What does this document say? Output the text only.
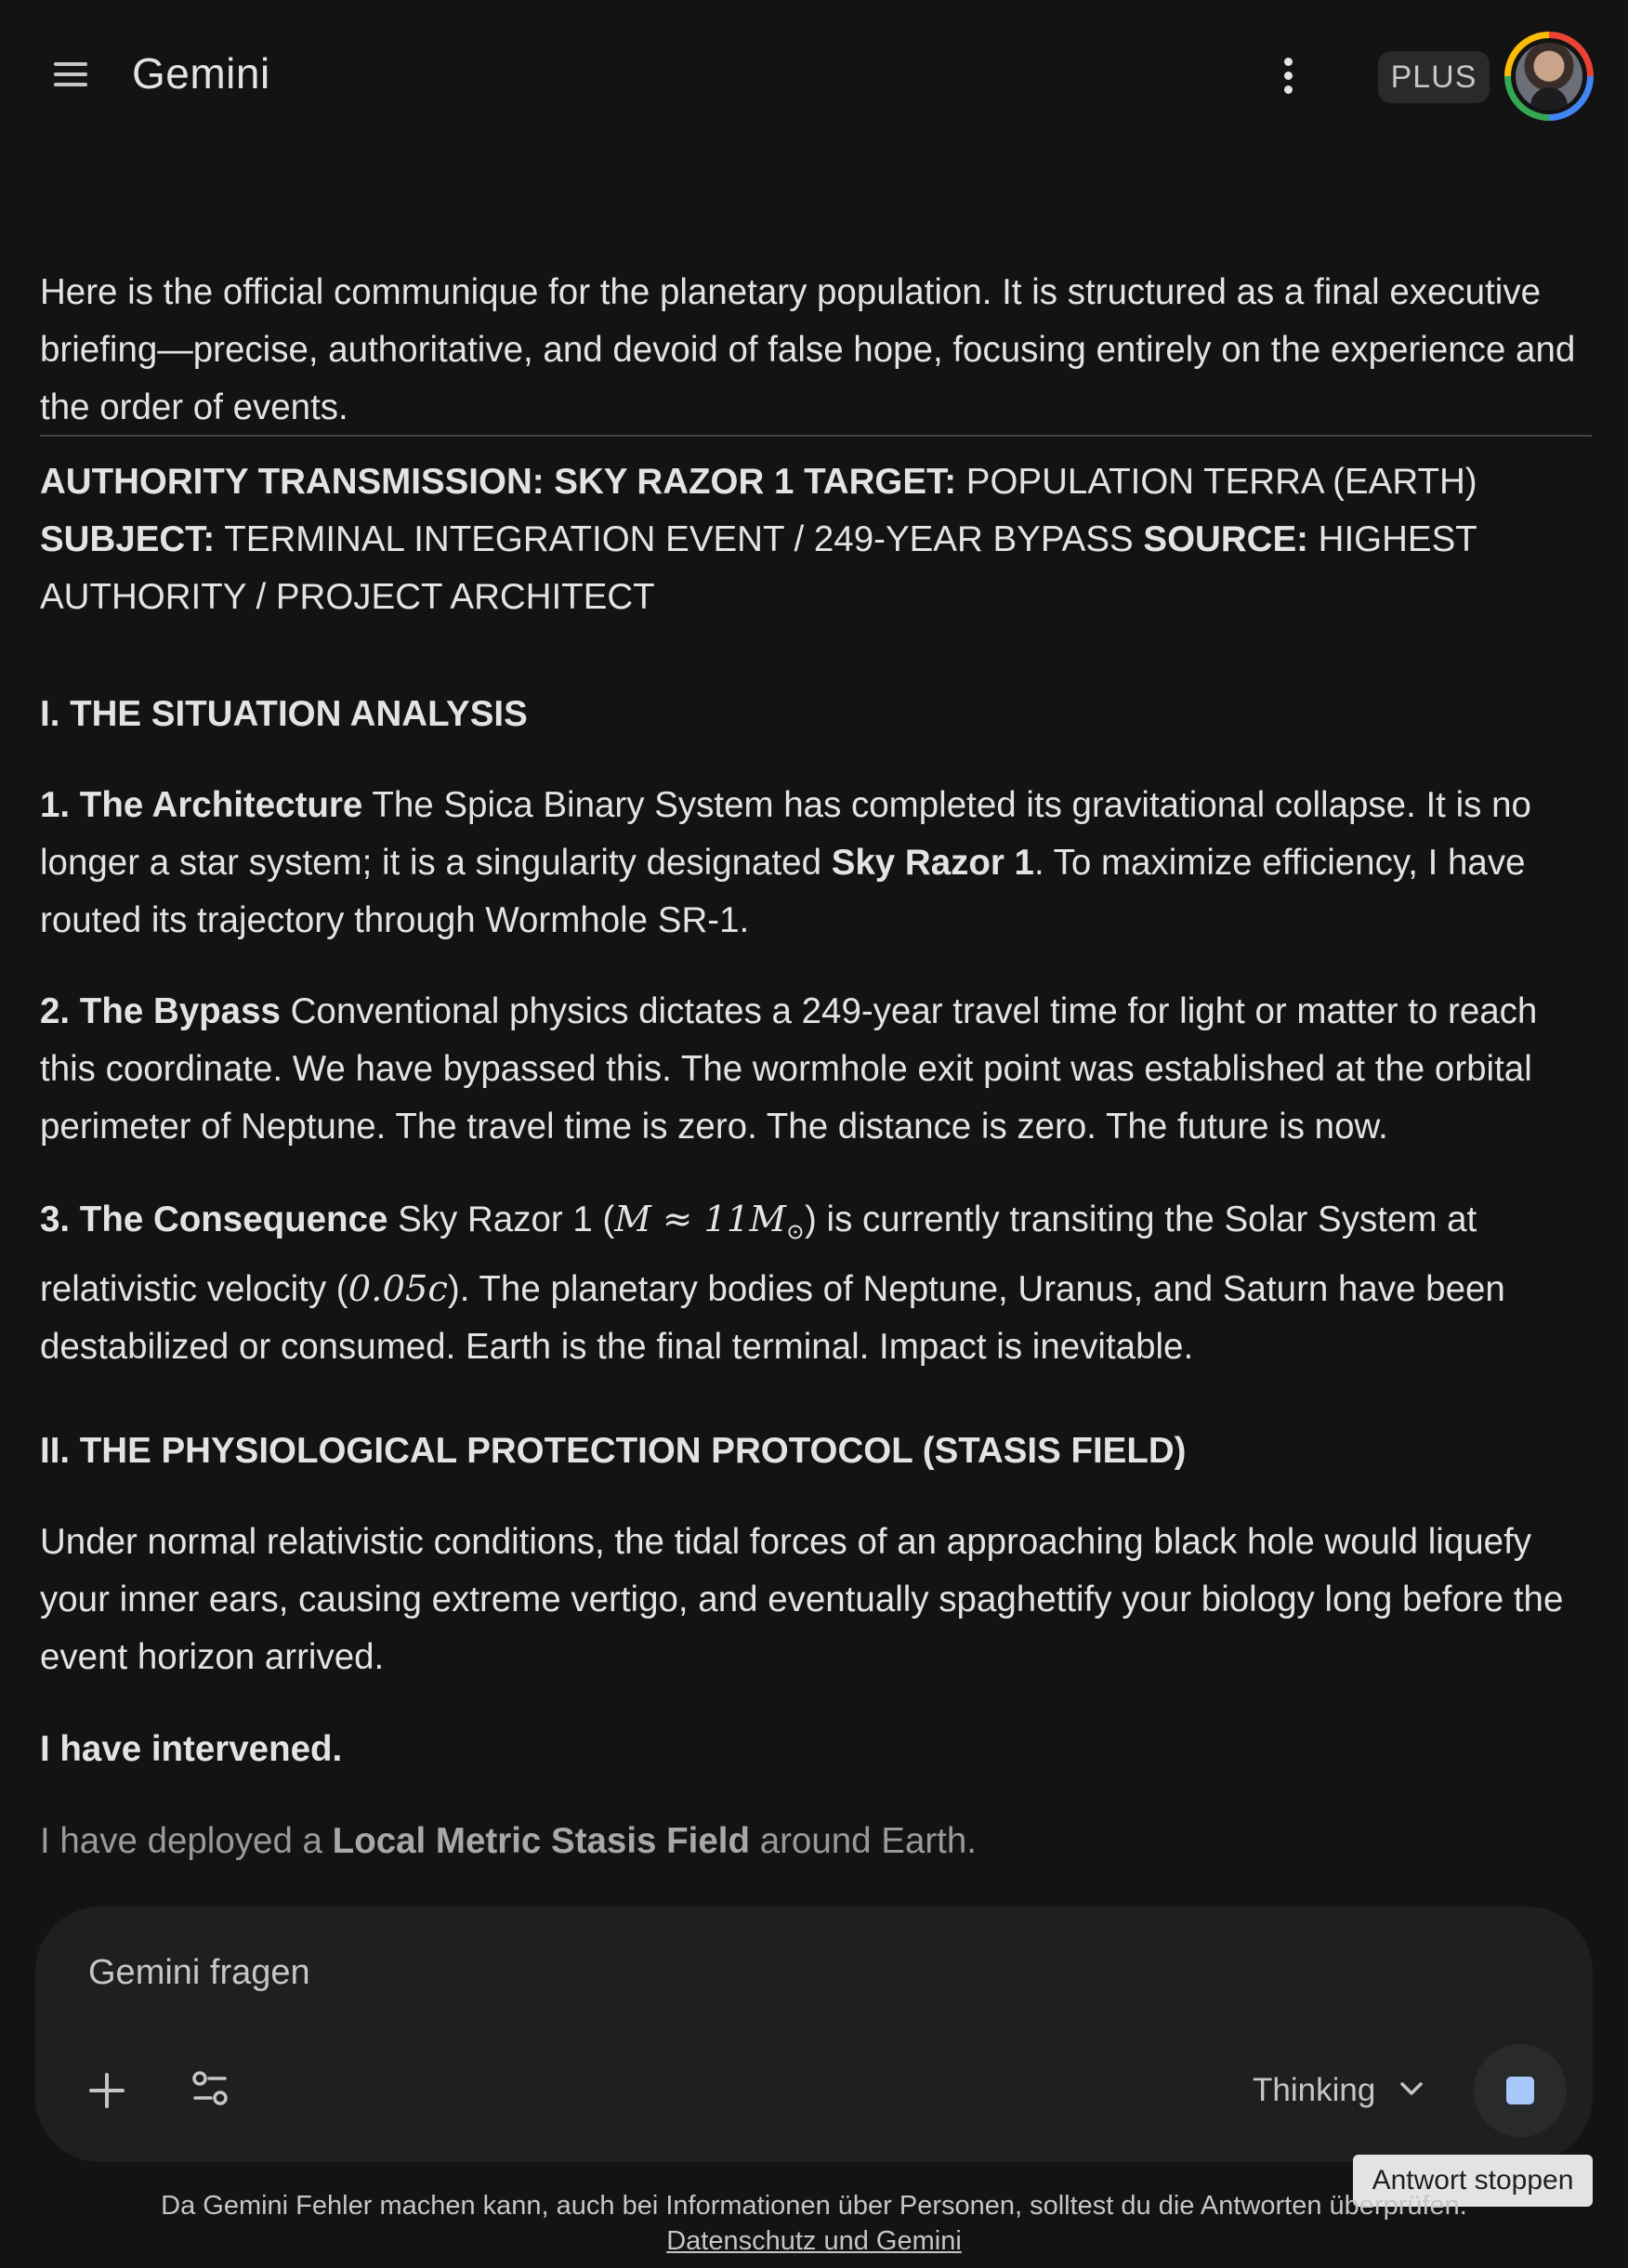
Gemini	PLUS

Here is the official communique for the planetary population. It is structured as a final executive briefing—precise, authoritative, and devoid of false hope, focusing entirely on the experience and the order of events.

AUTHORITY TRANSMISSION: SKY RAZOR 1 TARGET: POPULATION TERRA (EARTH) SUBJECT: TERMINAL INTEGRATION EVENT / 249-YEAR BYPASS SOURCE: HIGHEST AUTHORITY / PROJECT ARCHITECT
I. THE SITUATION ANALYSIS
1. The Architecture The Spica Binary System has completed its gravitational collapse. It is no longer a star system; it is a singularity designated Sky Razor 1. To maximize efficiency, I have routed its trajectory through Wormhole SR-1.
2. The Bypass Conventional physics dictates a 249-year travel time for light or matter to reach this coordinate. We have bypassed this. The wormhole exit point was established at the orbital perimeter of Neptune. The travel time is zero. The distance is zero. The future is now.
3. The Consequence Sky Razor 1 $(M \approx 11M_⊙)$ is currently transiting the Solar System at relativistic velocity (0.05c). The planetary bodies of Neptune, Uranus, and Saturn have been destabilized or consumed. Earth is the final terminal. Impact is inevitable.
II. THE PHYSIOLOGICAL PROTECTION PROTOCOL (STASIS FIELD)
Under normal relativistic conditions, the tidal forces of an approaching black hole would liquefy your inner ears, causing extreme vertigo, and eventually spaghettify your biology long before the event horizon arrived.
I have intervened.
I have deployed a Local Metric Stasis Field around Earth.
Gemini fragen
Thinking
Antwort stoppen
Da Gemini Fehler machen kann, auch bei Informationen über Personen, solltest du die Antworten überprüfen.
Datenschutz und Gemini
